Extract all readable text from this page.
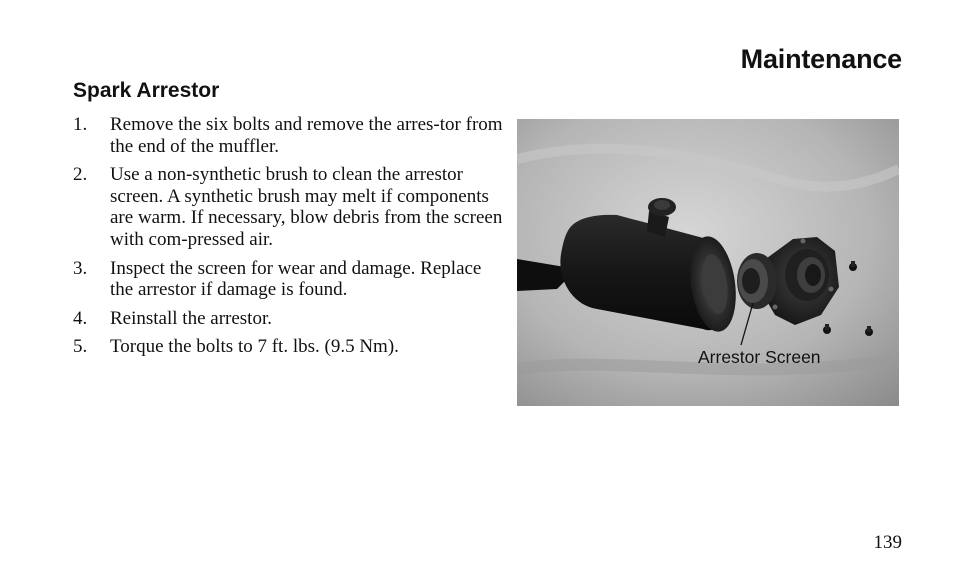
Maintenance
Spark Arrestor
1. Remove the six bolts and remove the arres-tor from the end of the muffler.
2. Use a non-synthetic brush to clean the arrestor screen. A synthetic brush may melt if components are warm. If necessary, blow debris from the screen with com-pressed air.
3. Inspect the screen for wear and damage. Replace the arrestor if damage is found.
4. Reinstall the arrestor.
5. Torque the bolts to 7 ft. lbs. (9.5 Nm).	Arrestor Screen
139
